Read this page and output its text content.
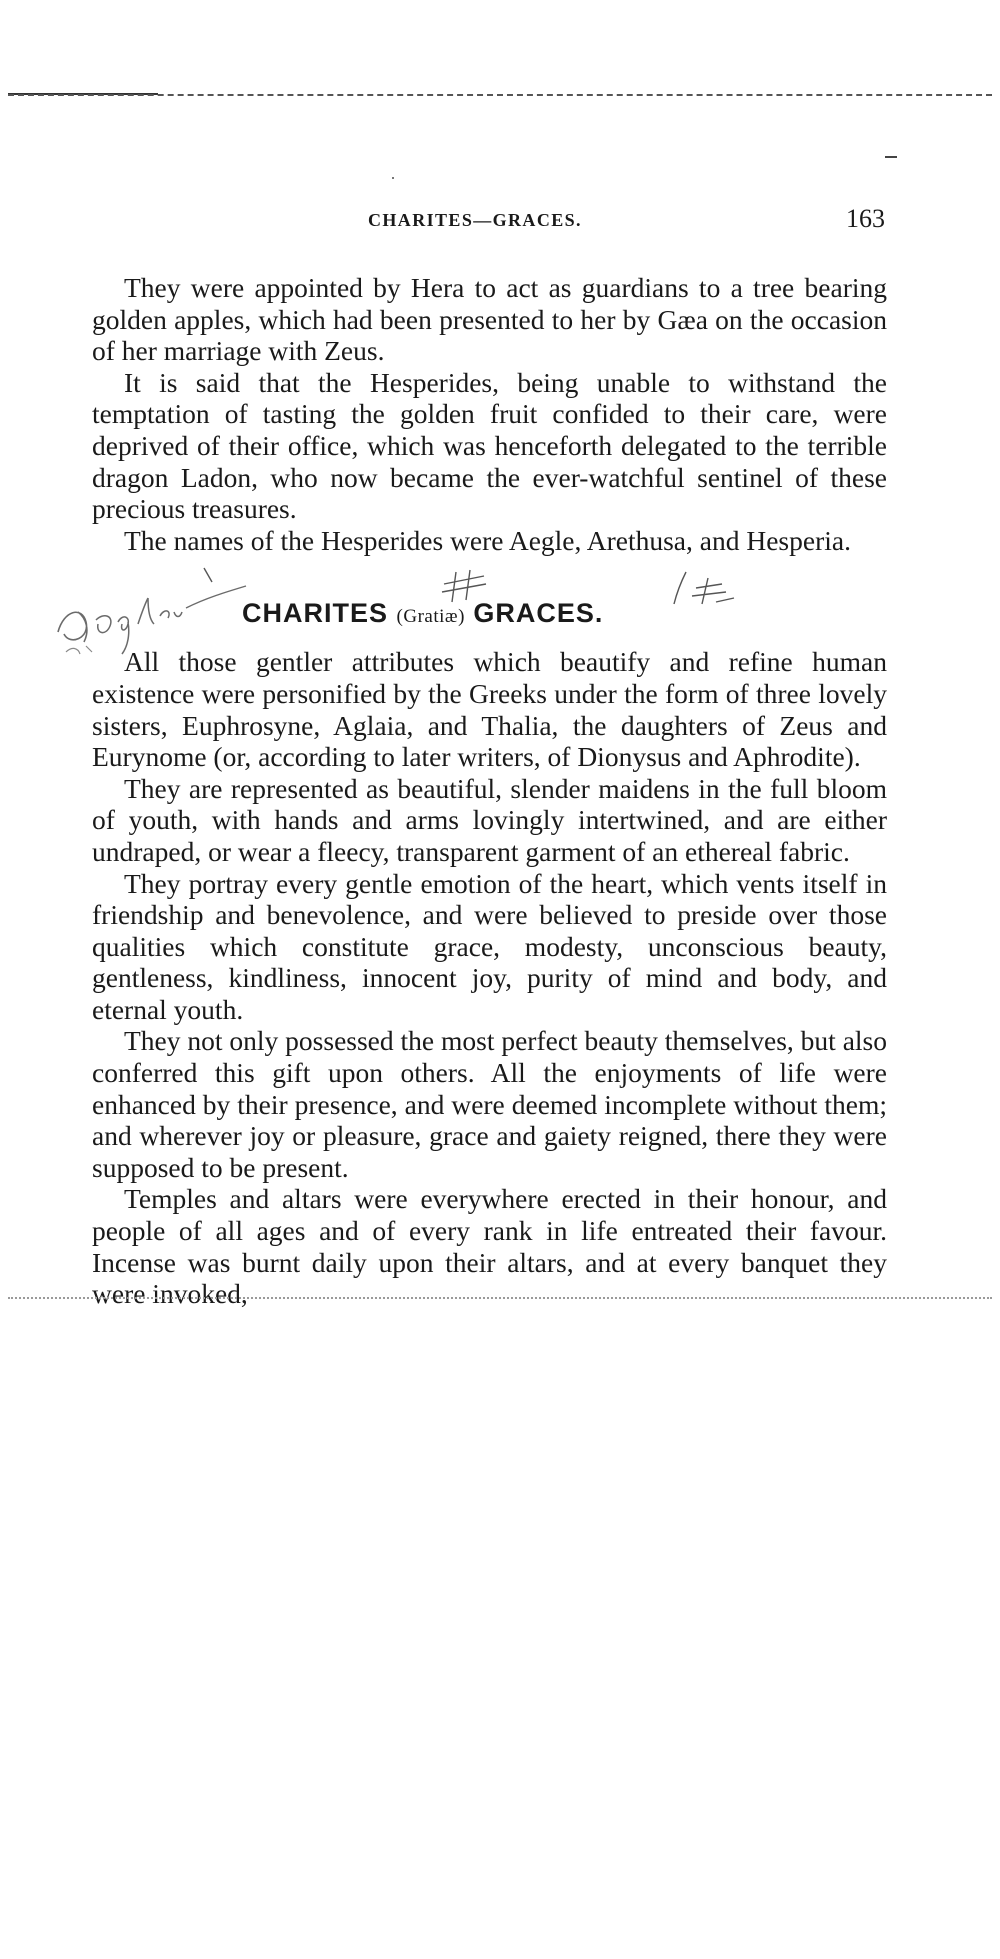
CHARITES—GRACES.	163

They were appointed by Hera to act as guardians to a tree bearing golden apples, which had been presented to her by Gæa on the occasion of her marriage with Zeus.

It is said that the Hesperides, being unable to withstand the temptation of tasting the golden fruit confided to their care, were deprived of their office, which was henceforth delegated to the terrible dragon Ladon, who now became the ever-watchful sentinel of these precious treasures.

The names of the Hesperides were Aegle, Arethusa, and Hesperia.

CHARITES (Gratiæ) GRACES.

All those gentler attributes which beautify and refine human existence were personified by the Greeks under the form of three lovely sisters, Euphrosyne, Aglaia, and Thalia, the daughters of Zeus and Eurynome (or, according to later writers, of Dionysus and Aphrodite).

They are represented as beautiful, slender maidens in the full bloom of youth, with hands and arms lovingly intertwined, and are either undraped, or wear a fleecy, transparent garment of an ethereal fabric.

They portray every gentle emotion of the heart, which vents itself in friendship and benevolence, and were believed to preside over those qualities which constitute grace, modesty, unconscious beauty, gentleness, kindliness, innocent joy, purity of mind and body, and eternal youth.

They not only possessed the most perfect beauty themselves, but also conferred this gift upon others. All the enjoyments of life were enhanced by their presence, and were deemed incomplete without them; and wherever joy or pleasure, grace and gaiety reigned, there they were supposed to be present.

Temples and altars were everywhere erected in their honour, and people of all ages and of every rank in life entreated their favour. Incense was burnt daily upon their altars, and at every banquet they were invoked,
